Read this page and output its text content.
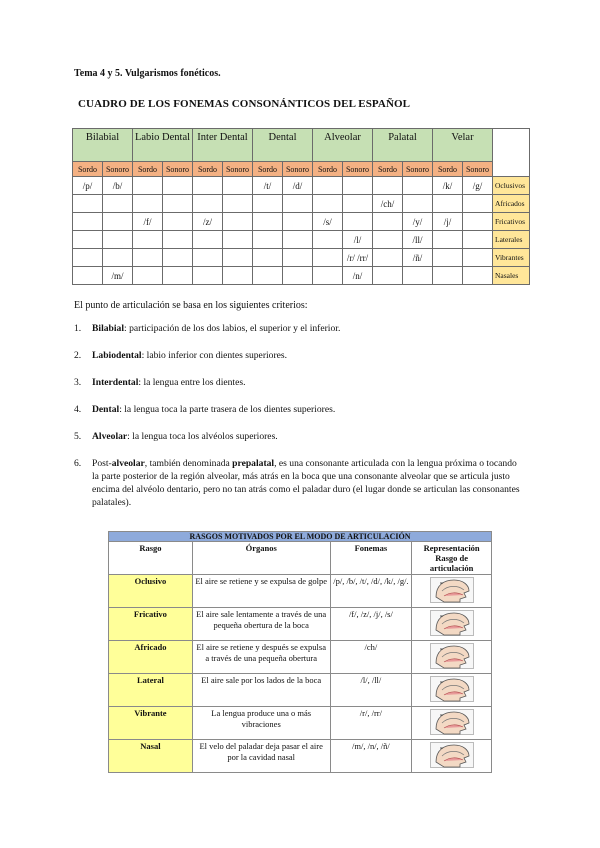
Tema 4 y 5. Vulgarismos fonéticos.
CUADRO DE LOS FONEMAS CONSONÁNTICOS DEL ESPAÑOL
Bilabial		Labio Dental		Inter Dental		Dental		Alveolar		Palatal		Velar		
Sordo	Sonoro	Sordo	Sonoro	Sordo	Sonoro	Sordo	Sonoro	Sordo	Sonoro	Sordo	Sonoro	Sordo	Sonoro	
/p/	/b/					/t/	/d/					/k/	/g/	Oclusivos
										/ch/				Africados
		/f/		/z/				/s/			/y/	/j/		Fricativos
									/l/		/ll/			Laterales
									/r/ /rr/		/ñ/			Vibrantes
	/m/								/n/					Nasales
El punto de articulación se basa en los siguientes criterios:
1. Bilabial: participación de los dos labios, el superior y el inferior.
2. Labiodental: labio inferior con dientes superiores.
3. Interdental: la lengua entre los dientes.
4. Dental: la lengua toca la parte trasera de los dientes superiores.
5. Alveolar: la lengua toca los alvéolos superiores.
6. Post-alveolar, también denominada prepalatal, es una consonante articulada con la lengua próxima o tocando la parte posterior de la región alveolar, más atrás en la boca que una consonante alveolar que se articula justo encima del alvéolo dentario, pero no tan atrás como el paladar duro (el lugar donde se articulan las consonantes palatales).
RASGOS MOTIVADOS POR EL MODO DE ARTICULACIÓN			
Rasgo	Órganos	Fonemas	Representación Rasgo de articulación
Oclusivo	El aire se retiene y se expulsa de golpe	/p/, /b/, /t/, /d/, /k/, /g/.	

Fricativo	El aire sale lentamente a través de una pequeña obertura de la boca	/f/, /z/, /j/, /s/	

Africado	El aire se retiene y después se expulsa a través de una pequeña obertura	/ch/	

Lateral	El aire sale por los lados de la boca	/l/, /ll/	

Vibrante	La lengua produce una o más vibraciones	/r/, /rr/	

Nasal	El velo del paladar deja pasar el aire por la cavidad nasal	/m/, /n/, /ñ/	
